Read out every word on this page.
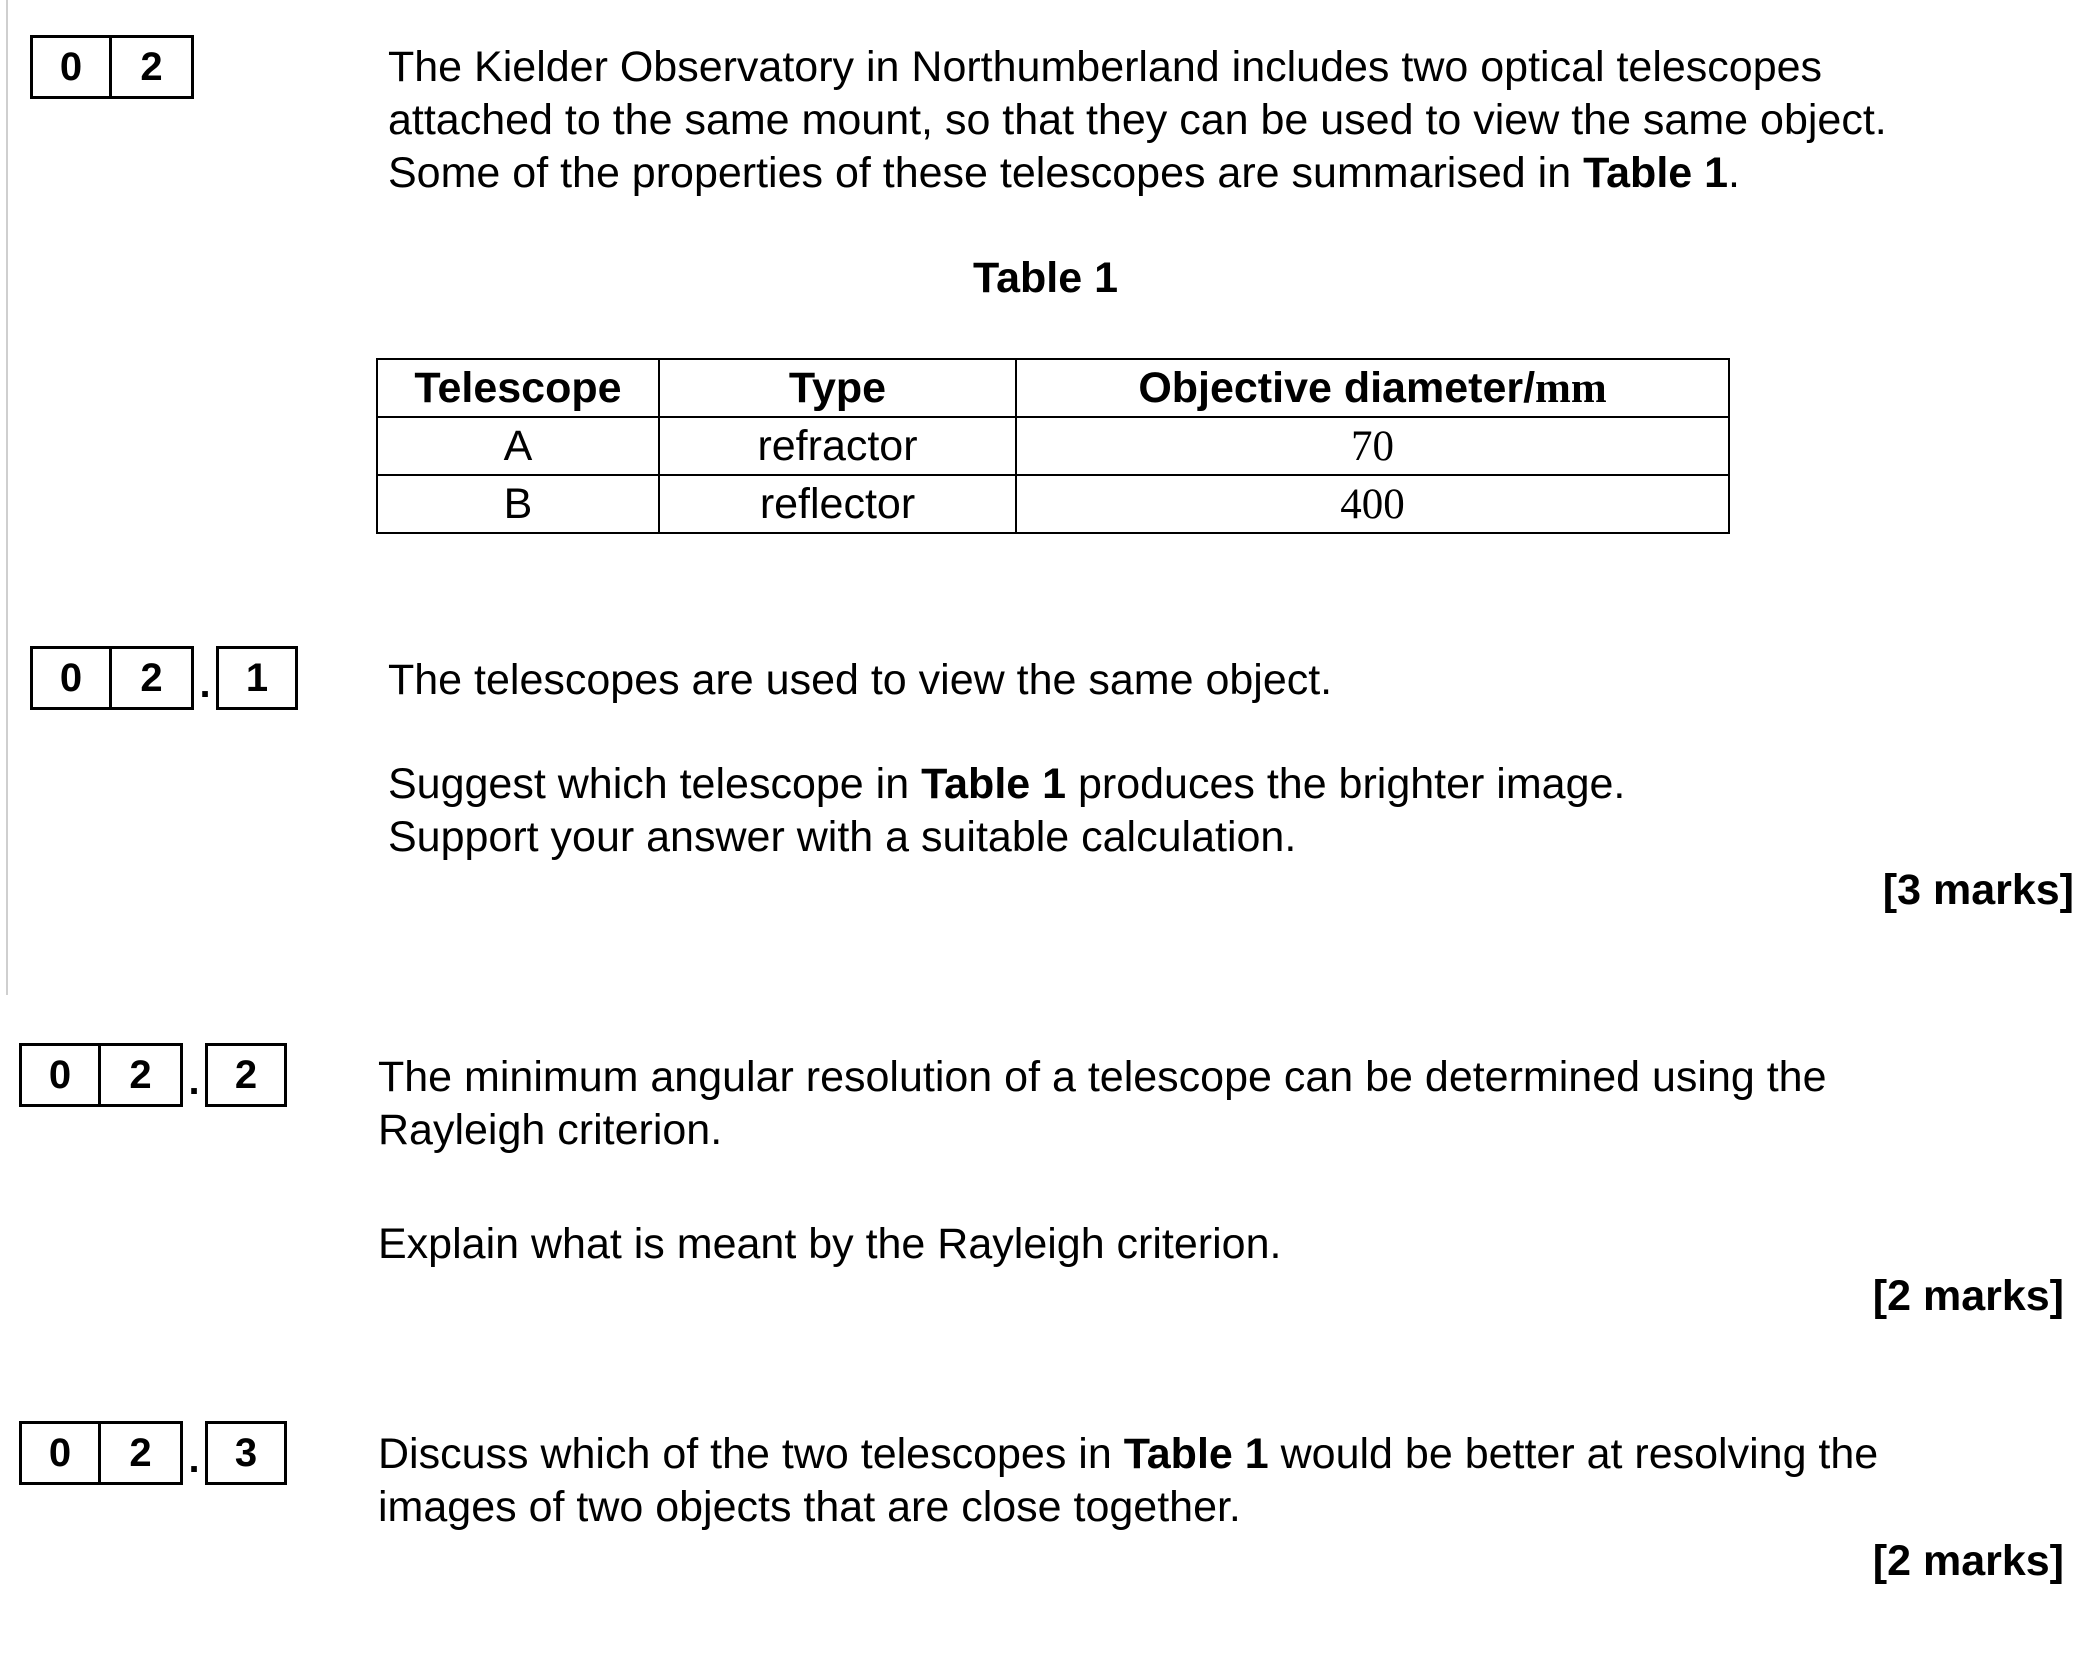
0	2	The Kielder Observatory in Northumberland includes two optical telescopes
attached to the same mount, so that they can be used to view the same object.
Some of the properties of these telescopes are summarised in Table 1.

Table 1
Telescope	Type	Objective diameter/mm
A	refractor	70
B	reflector	400
0	2 . 1	The telescopes are used to view the same object.

Suggest which telescope in Table 1 produces the brighter image.
Support your answer with a suitable calculation.

[3 marks]
0	2 . 2	The minimum angular resolution of a telescope can be determined using the
Rayleigh criterion.

Explain what is meant by the Rayleigh criterion.

[2 marks]
0	2 . 3	Discuss which of the two telescopes in Table 1 would be better at resolving the
images of two objects that are close together.

[2 marks]
